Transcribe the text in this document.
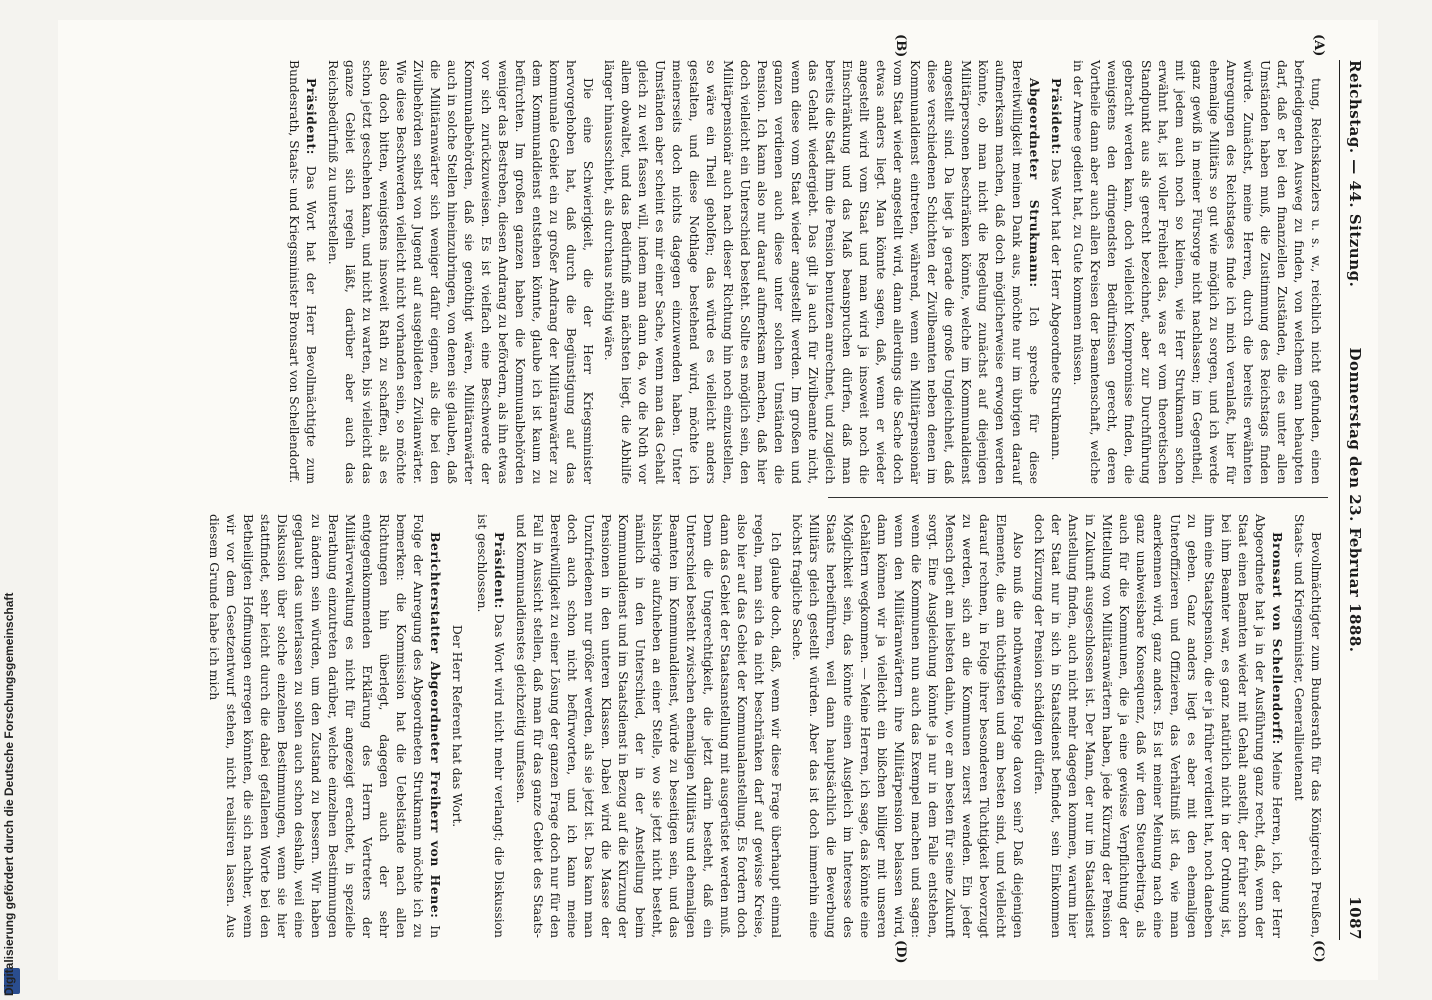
Digitalisierung gefördert durch die Deutsche Forschungsgemeinschaft
Reichstag. — 44. Sitzung.
Donnerstag den 23. Februar 1888.
1087
(A)
(B)
(C)
(D)

tung, Reichskanzlers u. s. w., reichlich nicht gefunden, einen befriedigenden Ausweg zu finden, von welchem man behaupten darf, daß er bei den finanziellen Zuständen, die es unter allen Umständen haben muß, die Zustimmung des Reichstags finden würde. Zunächst, meine Herren, durch die bereits erwähnten Anregungen des Reichstages finde ich mich veranlaßt, hier für ehemalige Militärs so gut wie möglich zu sorgen, und ich werde ganz gewiß in meiner Fürsorge nicht nachlassen; im Gegentheil, mit jedem auch noch so kleinen, wie Herr Strukmann schon erwähnt hat, ist voller Freiheit das, was er vom theoretischen Standpunkt aus als gerecht bezeichnet, aber zur Durchführung gebracht werden kann, doch vielleicht Kompromisse finden, die wenigstens den dringendsten Bedürfnissen gerecht, deren Vortheile dann aber auch allen Kreisen der Beamtenschaft, welche in der Armee gedient hat, zu Gute kommen müssen.

Präsident: Das Wort hat der Herr Abgeordnete Strukmann.

Abgeordneter Strukmann: Ich spreche für diese Bereitwilligkeit meinen Dank aus, möchte nur im übrigen darauf aufmerksam machen, daß doch möglicherweise erwogen werden könnte, ob man nicht die Regelung zunächst auf diejenigen Militärpersonen beschränken könnte, welche im Kommunaldienst angestellt sind. Da liegt ja gerade die große Ungleichheit, daß diese verschiedenen Schichten der Zivilbeamten neben denen im Kommunaldienst eintreten, während, wenn ein Militärpensionär vom Staat wieder angestellt wird, dann allerdings die Sache doch etwas anders liegt. Man könnte sagen, daß, wenn er wieder angestellt wird vom Staat und man wird ja insoweit noch die Einschränkung und das Maß beanspruchen dürfen, daß man bereits die Stadt ihm die Pension benutzen anrechnet, und zugleich das Gehalt wiedergiebt. Das gilt ja auch für Zivilbeamte nicht, wenn diese vom Staat wieder angestellt werden. Im großen und ganzen verdienen auch diese unter solchen Umständen die Pension. Ich kann also nur darauf aufmerksam machen, daß hier doch vielleicht ein Unterschied besteht. Sollte es möglich sein, den Militärpensionär auch nach dieser Richtung hin noch einzustellen, so wäre ein Theil geholfen; das würde es vielleicht anders gestalten, und diese Nothlage bestehend wird, möchte ich meinerseits doch nichts dagegen einzuwenden haben. Unter Umständen aber scheint es mir einer Sache, wenn man das Gehalt gleich zu weit fassen will, indem man dann da, wo die Noth vor allem obwaltet, und das Bedürfniß am nächsten liegt, die Abhilfe länger hinausschiebt, als durchaus nöthig wäre.

Die eine Schwierigkeit, die der Herr Kriegsminister hervorgehoben hat, daß durch die Begünstigung auf das kommunale Gebiet ein zu großer Andrang der Militäranwärter zu dem Kommunaldienst entstehen könnte, glaube ich ist kaum zu befürchten. Im großen ganzen haben die Kommunalbehörden weniger das Bestreben, diesen Andrang zu befördern, als ihn etwas vor sich zurückzuweisen. Es ist vielfach eine Beschwerde der Kommunalbehörden, daß sie genöthigt wären, Militäranwärter auch in solche Stellen hineinzubringen, von denen sie glauben, daß die Militäranwärter sich weniger dafür eignen, als die bei den Zivilbehörden selbst von Jugend auf ausgebildeten Zivilanwärter. Wie diese Beschwerden vielleicht nicht vorhanden sein, so möchte also doch bitten, wenigstens insoweit Rath zu schaffen, als es schon jetzt geschehen kann, und nicht zu warten, bis vielleicht das ganze Gebiet sich regeln läßt, darüber aber auch das Reichsbedürfniß zu unterstellen.

Präsident: Das Wort hat der Herr Bevollmächtigte zum Bundesrath, Staats- und Kriegsminister Bronsart von Schellendorff.

Bevollmächtigter zum Bundesrath für das Königreich Preußen, Staats- und Kriegsminister, Generallieutenant

Bronsart von Schellendorff: Meine Herren, ich, der Herr Abgeordnete hat ja in der Ausführung ganz recht, daß, wenn der Staat einen Beamten wieder mit Gehalt anstellt, der früher schon bei ihm Beamter war, es ganz natürlich nicht in der Ordnung ist, ihm eine Staatspension, die er ja früher verdient hat, noch daneben zu geben. Ganz anders liegt es aber mit den ehemaligen Unteroffizieren und Offizieren, das Verhältniß ist da, wie man anerkennen wird, ganz anders. Es ist meiner Meinung nach eine ganz unabweisbare Konsequenz, daß wir dem Steuerbeitrag, als auch für die Kommunen, die ja eine gewisse Verpflichtung der Mittellung von Militäranwärtern haben, jede Kürzung der Pension in Zukunft ausgeschlossen ist. Der Mann, der nur im Staatsdienst Anstellung finden, auch nicht mehr dagegen kommen, warum hier der Staat nur in sich in Staatsdienst befindet, sein Einkommen doch Kürzung der Pension schädigen dürfen.

Also muß die nothwendige Folge davon sein? Daß diejenigen Elemente, die am tüchtigsten und am besten sind, und vielleicht darauf rechnen, in Folge ihrer besonderen Tüchtigkeit bevorzugt zu werden, sich an die Kommunen zuerst wenden. Ein jeder Mensch geht am liebsten dahin, wo er am besten für seine Zukunft sorgt. Eine Ausgleichung könnte ja nur in dem Falle entstehen, wenn die Kommunen nun auch das Exempel machen und sagen: wenn den Militäranwärtern ihre Militärpension belassen wird, dann können wir ja vielleicht ein bißchen billiger mit unseren Gehältern wegkommen. — Meine Herren, ich sage, das könnte eine Möglichkeit sein, das könnte einen Ausgleich im Interesse des Staats herbeiführen, weil dann hauptsächlich die Bewerbung Militärs gleich gestellt würden. Aber das ist doch immerhin eine höchst fragliche Sache.

Ich glaube doch, daß, wenn wir diese Frage überhaupt einmal regeln, man sich da nicht beschränken darf auf gewisse Kreise, also hier auf das Gebiet der Kommunalanstellung. Es fordern doch dann das Gebiet der Staatsanstellung mit ausgerüstet werden muß. Denn die Ungerechtigkeit, die jetzt darin besteht, daß ein Unterschied besteht zwischen ehemaligen Militärs und ehemaligen Beamten im Kommunaldienst, würde zu beseitigen sein, und das bisherige aufzuheben an einer Stelle, wo sie jetzt nicht besteht, nämlich in den Unterschied, der in der Anstellung beim Kommunaldienst und im Staatsdienst in Bezug auf die Kürzung der Pensionen in den unteren Klassen. Dabei wird die Masse der Unzufriedenen nur größer werden, als sie jetzt ist. Das kann man doch auch schon nicht befürworten, und ich kann meine Bereitwilligkeit zu einer Lösung der ganzen Frage doch nur für den Fall in Aussicht stellen, daß man für das ganze Gebiet des Staats- und Kommunaldienstes gleichzeitig umfassen.

Präsident: Das Wort wird nicht mehr verlangt; die Diskussion ist geschlossen.

Der Herr Referent hat das Wort.

Berichterstatter Abgeordneter Freiherr von Hene: In Folge der Anregung des Abgeordneten Strukmann möchte ich zu bemerken: die Kommission hat die Uebelstände nach allen Richtungen hin überlegt, dagegen auch der sehr entgegenkommenden Erklärung des Herrn Vertreters der Militärverwaltung es nicht für angezeigt erachtet, in spezielle Berathung einzutreten darüber, welche einzelnen Bestimmungen zu ändern sein würden, um den Zustand zu bessern. Wir haben geglaubt das unterlassen zu sollen auch schon deshalb, weil eine Diskussion über solche einzelnen Bestimmungen, wenn sie hier stattfindet, sehr leicht durch die dabei gefallenen Worte bei den Betheiligten Hoffnungen erregen könnten, die sich nachher, wenn wir vor dem Gesetzentwurf stehen, nicht realisiren lassen. Aus diesem Grunde habe ich mich
